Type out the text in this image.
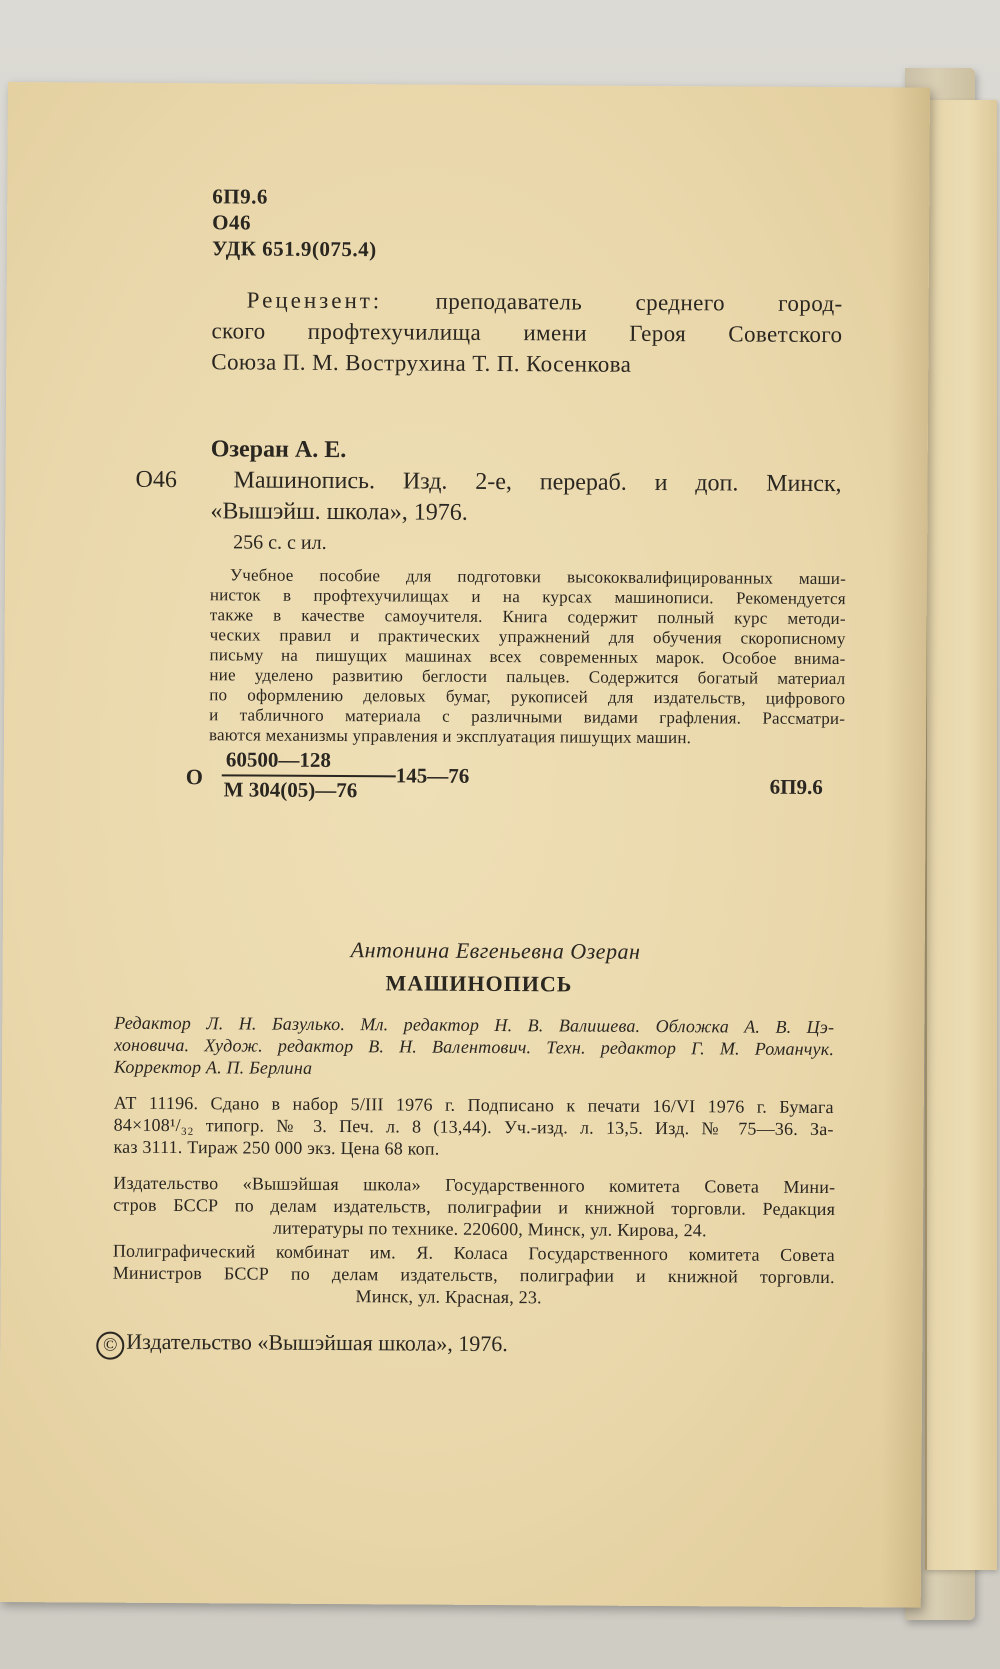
6П9.6

О46

УДК 651.9(075.4)

Рецензент: преподаватель среднего город-

ского профтехучилища имени Героя Советского

Союза П. М. Вострухина Т. П. Косенкова

Озеран А. Е.

О46 Машинопись. Изд. 2-е, перераб. и доп. Минск,

«Вышэйш. школа», 1976.

256 с. с ил.

Учебное пособие для подготовки высококвалифицированных маши-

нисток в профтехучилищах и на курсах машинописи. Рекомендуется

также в качестве самоучителя. Книга содержит полный курс методи-

ческих правил и практических упражнений для обучения скорописному

письму на пишущих машинах всех современных марок. Особое внима-

ние уделено развитию беглости пальцев. Содержится богатый материал

по оформлению деловых бумаг, рукописей для издательств, цифрового

и табличного материала с различными видами графления. Рассматри-

ваются механизмы управления и эксплуатация пишущих машин.

О

60500—128

145—76

М 304(05)—76	6П9.6

Антонина Евгеньевна Озеран

МАШИНОПИСЬ

Редактор Л. Н. Базулько. Мл. редактор Н. В. Валишева. Обложка А. В. Цэ-

хоновича. Худож. редактор В. Н. Валентович. Техн. редактор Г. М. Романчук.

Корректор А. П. Берлина

АТ 11196. Сдано в набор 5/III 1976 г. Подписано к печати 16/VI 1976 г. Бумага

84×108¹/₃₂ типогр. № 3. Печ. л. 8 (13,44). Уч.-изд. л. 13,5. Изд. № 75—36. За-

каз 3111. Тираж 250 000 экз. Цена 68 коп.

Издательство «Вышэйшая школа» Государственного комитета Совета Мини-

стров БССР по делам издательств, полиграфии и книжной торговли. Редакция

литературы по технике. 220600, Минск, ул. Кирова, 24.

Полиграфический комбинат им. Я. Коласа Государственного комитета Совета

Министров БССР по делам издательств, полиграфии и книжной торговли.

Минск, ул. Красная, 23.

© Издательство «Вышэйшая школа», 1976.
